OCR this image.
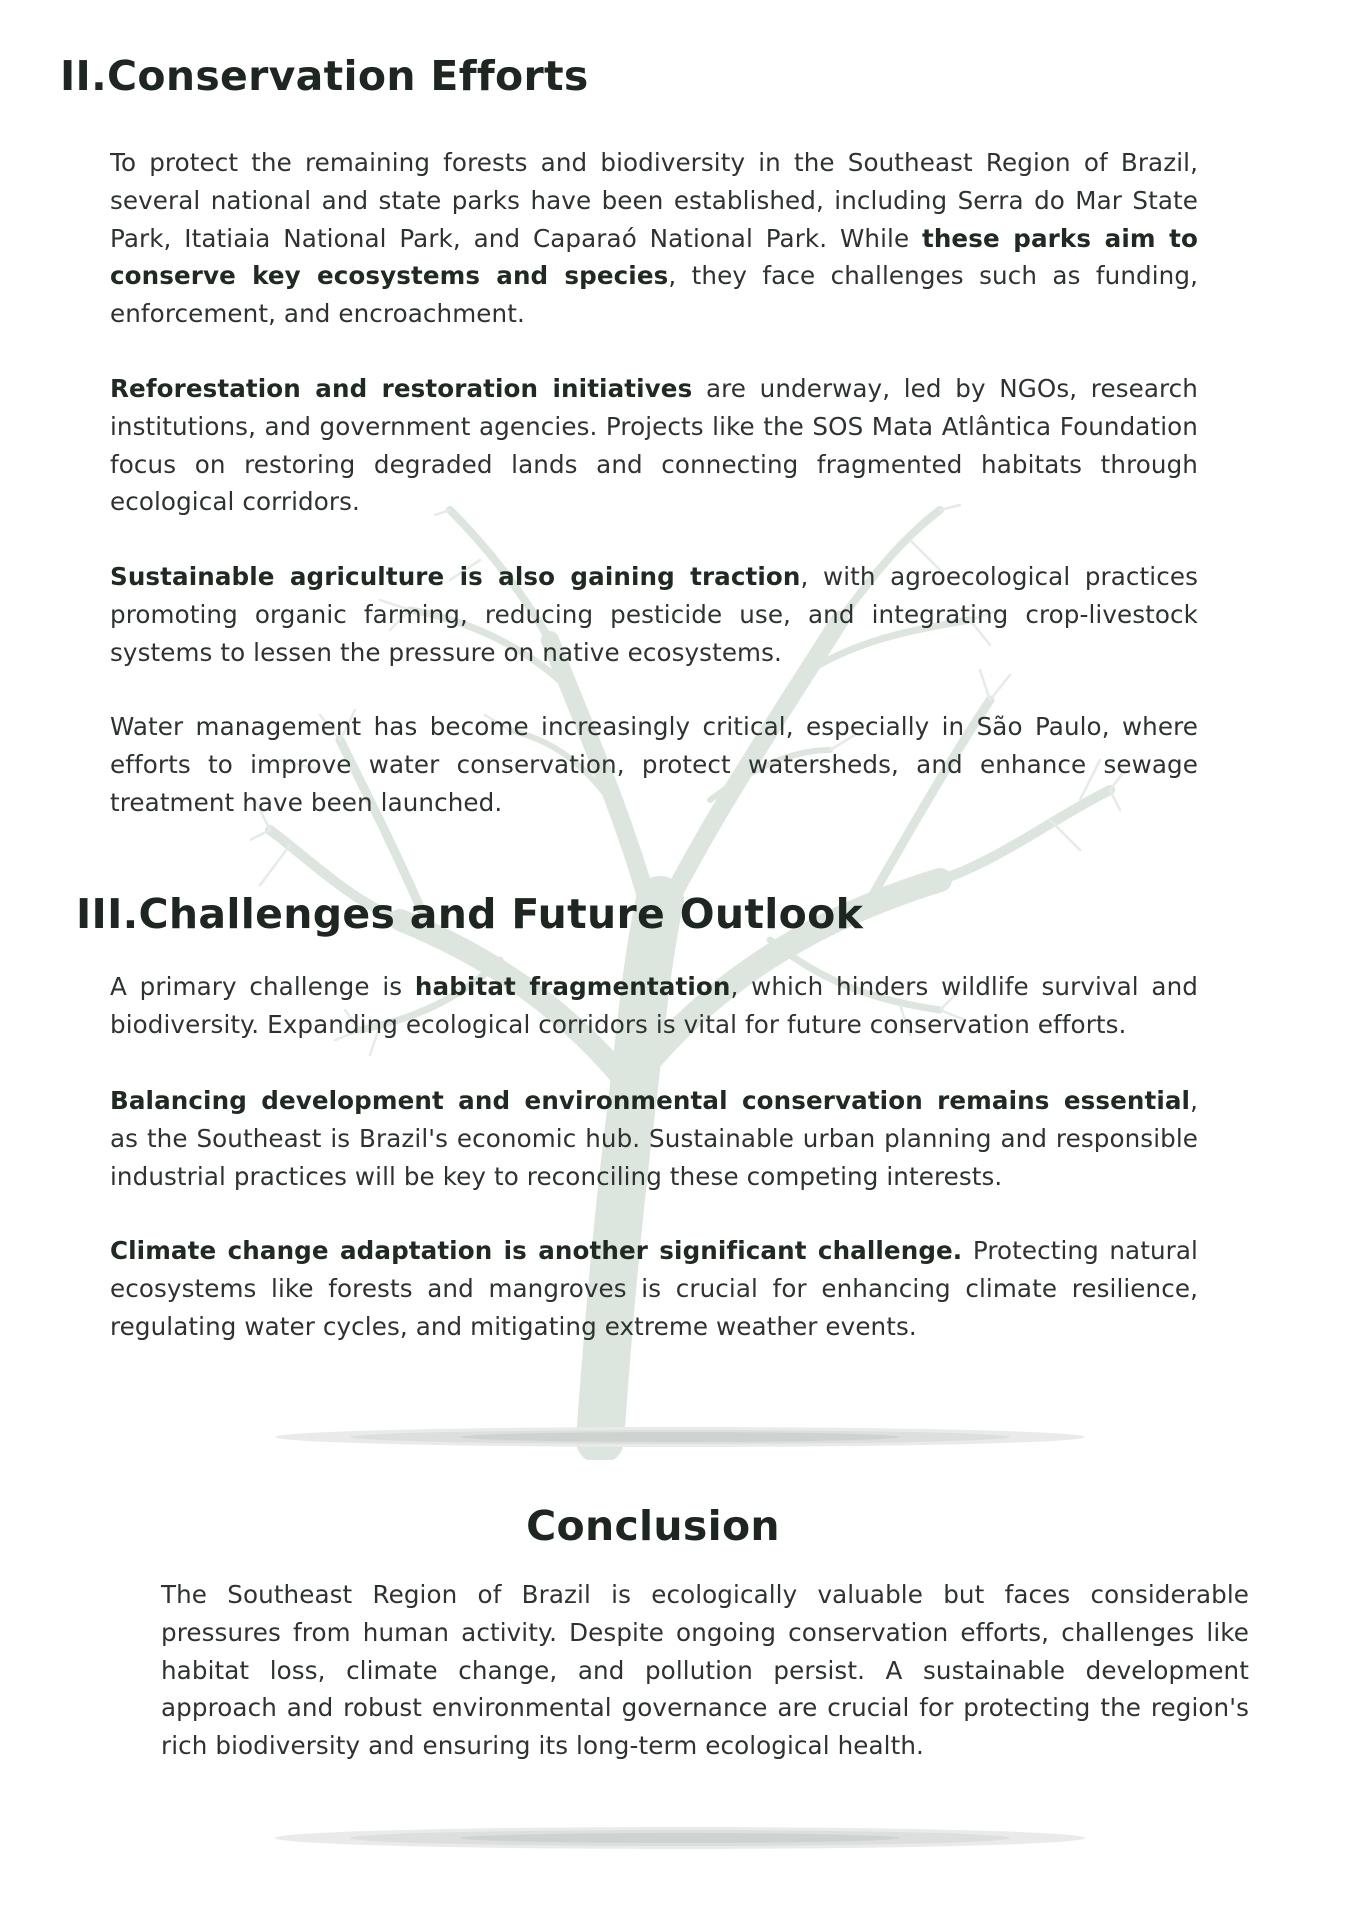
II.Conservation Efforts

To protect the remaining forests and biodiversity in the Southeast Region of Brazil, several national and state parks have been established, including Serra do Mar State Park, Itatiaia National Park, and Caparaó National Park. While these parks aim to conserve key ecosystems and species, they face challenges such as funding, enforcement, and encroachment.

Reforestation and restoration initiatives are underway, led by NGOs, research institutions, and government agencies. Projects like the SOS Mata Atlântica Foundation focus on restoring degraded lands and connecting fragmented habitats through ecological corridors.

Sustainable agriculture is also gaining traction, with agroecological practices promoting organic farming, reducing pesticide use, and integrating crop-livestock systems to lessen the pressure on native ecosystems.

Water management has become increasingly critical, especially in São Paulo, where efforts to improve water conservation, protect watersheds, and enhance sewage treatment have been launched.

III.Challenges and Future Outlook

A primary challenge is habitat fragmentation, which hinders wildlife survival and biodiversity. Expanding ecological corridors is vital for future conservation efforts.

Balancing development and environmental conservation remains essential, as the Southeast is Brazil's economic hub. Sustainable urban planning and responsible industrial practices will be key to reconciling these competing interests.

Climate change adaptation is another significant challenge. Protecting natural ecosystems like forests and mangroves is crucial for enhancing climate resilience, regulating water cycles, and mitigating extreme weather events.

Conclusion

The Southeast Region of Brazil is ecologically valuable but faces considerable pressures from human activity. Despite ongoing conservation efforts, challenges like habitat loss, climate change, and pollution persist. A sustainable development approach and robust environmental governance are crucial for protecting the region's rich biodiversity and ensuring its long-term ecological health.
